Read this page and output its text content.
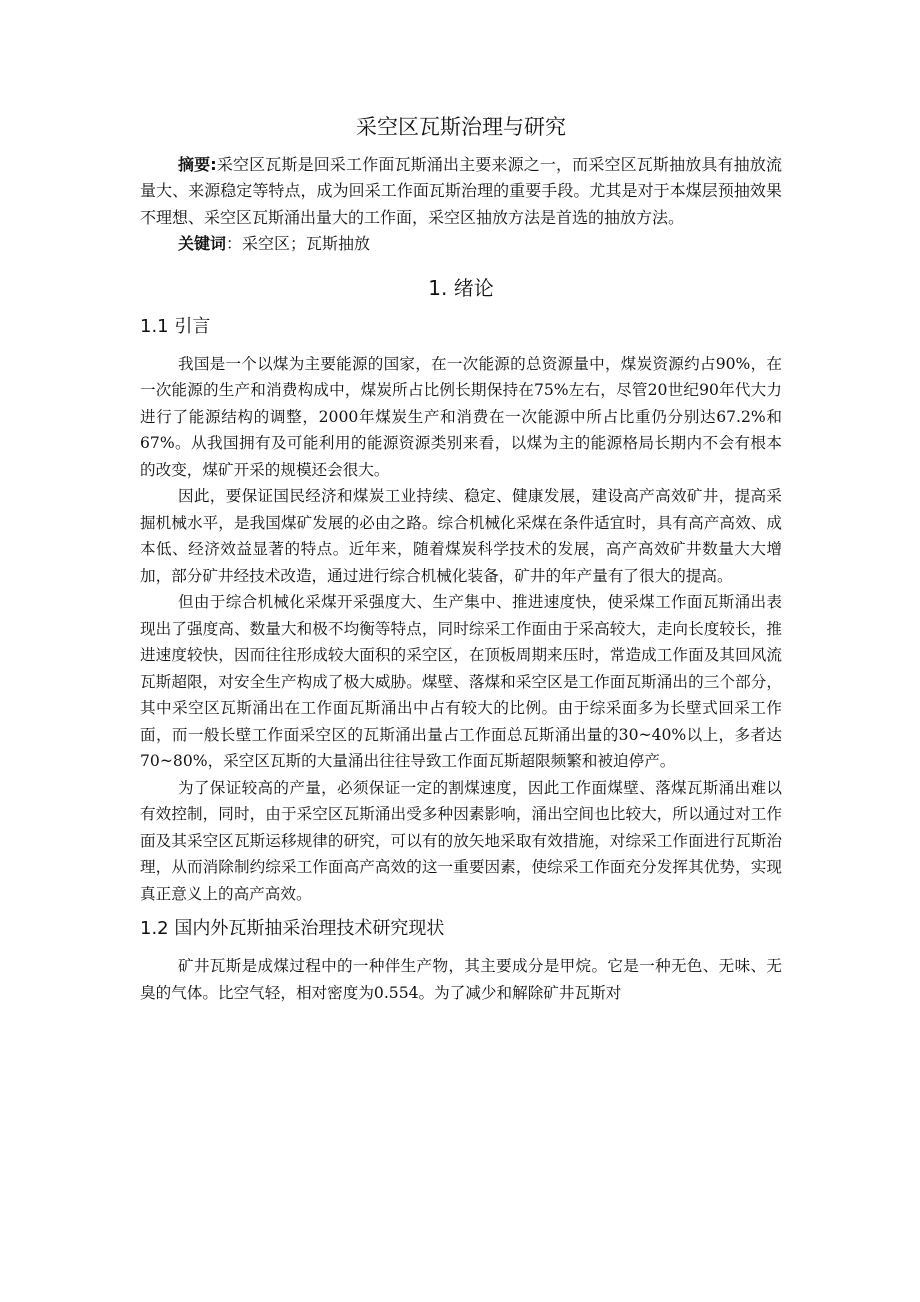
采空区瓦斯治理与研究

摘要:采空区瓦斯是回采工作面瓦斯涌出主要来源之一，而采空区瓦斯抽放具有抽放流量大、来源稳定等特点，成为回采工作面瓦斯治理的重要手段。尤其是对于本煤层预抽效果不理想、采空区瓦斯涌出量大的工作面，采空区抽放方法是首选的抽放方法。

关键词：采空区；瓦斯抽放

1. 绪论
1.1 引言

我国是一个以煤为主要能源的国家，在一次能源的总资源量中，煤炭资源约占90%，在一次能源的生产和消费构成中，煤炭所占比例长期保持在75%左右，尽管20世纪90年代大力进行了能源结构的调整，2000年煤炭生产和消费在一次能源中所占比重仍分别达67.2%和67%。从我国拥有及可能利用的能源资源类别来看，以煤为主的能源格局长期内不会有根本的改变，煤矿开采的规模还会很大。

因此，要保证国民经济和煤炭工业持续、稳定、健康发展，建设高产高效矿井，提高采掘机械水平，是我国煤矿发展的必由之路。综合机械化采煤在条件适宜时，具有高产高效、成本低、经济效益显著的特点。近年来，随着煤炭科学技术的发展，高产高效矿井数量大大增加，部分矿井经技术改造，通过进行综合机械化装备，矿井的年产量有了很大的提高。

但由于综合机械化采煤开采强度大、生产集中、推进速度快，使采煤工作面瓦斯涌出表现出了强度高、数量大和极不均衡等特点，同时综采工作面由于采高较大，走向长度较长，推进速度较快，因而往往形成较大面积的采空区，在顶板周期来压时，常造成工作面及其回风流瓦斯超限，对安全生产构成了极大威胁。煤壁、落煤和采空区是工作面瓦斯涌出的三个部分，其中采空区瓦斯涌出在工作面瓦斯涌出中占有较大的比例。由于综采面多为长壁式回采工作面，而一般长壁工作面采空区的瓦斯涌出量占工作面总瓦斯涌出量的30~40%以上，多者达70~80%，采空区瓦斯的大量涌出往往导致工作面瓦斯超限频繁和被迫停产。

为了保证较高的产量，必须保证一定的割煤速度，因此工作面煤壁、落煤瓦斯涌出难以有效控制，同时，由于采空区瓦斯涌出受多种因素影响，涌出空间也比较大，所以通过对工作面及其采空区瓦斯运移规律的研究，可以有的放矢地采取有效措施，对综采工作面进行瓦斯治理，从而消除制约综采工作面高产高效的这一重要因素，使综采工作面充分发挥其优势，实现真正意义上的高产高效。

1.2 国内外瓦斯抽采治理技术研究现状

矿井瓦斯是成煤过程中的一种伴生产物，其主要成分是甲烷。它是一种无色、无味、无臭的气体。比空气轻，相对密度为0.554。为了减少和解除矿井瓦斯对
